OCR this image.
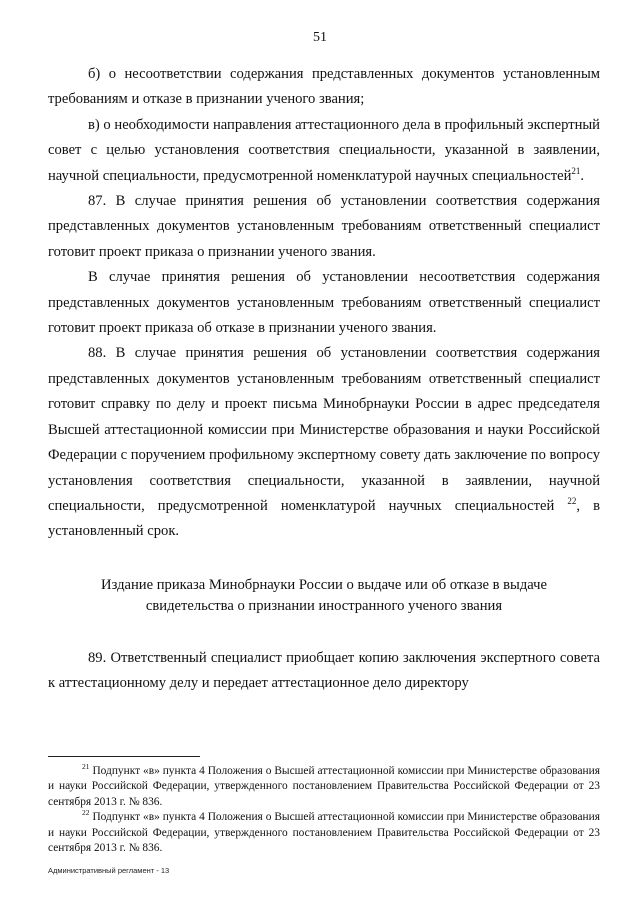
51

б) о несоответствии содержания представленных документов установленным требованиям и отказе в признании ученого звания;

в) о необходимости направления аттестационного дела в профильный экспертный совет с целью установления соответствия специальности, указанной в заявлении, научной специальности, предусмотренной номенклатурой научных специальностей$^{21}$.

87. В случае принятия решения об установлении соответствия содержания представленных документов установленным требованиям ответственный специалист готовит проект приказа о признании ученого звания.

В случае принятия решения об установлении несоответствия содержания представленных документов установленным требованиям ответственный специалист готовит проект приказа об отказе в признании ученого звания.

88. В случае принятия решения об установлении соответствия содержания представленных документов установленным требованиям ответственный специалист готовит справку по делу и проект письма Минобрнауки России в адрес председателя Высшей аттестационной комиссии при Министерстве образования и науки Российской Федерации с поручением профильному экспертному совету дать заключение по вопросу установления соответствия специальности, указанной в заявлении, научной специальности, предусмотренной номенклатурой научных специальностей $^{22}$, в установленный срок.

Издание приказа Минобрнауки России о выдаче или об отказе в выдаче
свидетельства о признании иностранного ученого звания

89. Ответственный специалист приобщает копию заключения экспертного совета к аттестационному делу и передает аттестационное дело директору

$^{21}$ Подпункт «в» пункта 4 Положения о Высшей аттестационной комиссии при Министерстве образования и науки Российской Федерации, утвержденного постановлением Правительства Российской Федерации от 23 сентября 2013 г. № 836.

$^{22}$ Подпункт «в» пункта 4 Положения о Высшей аттестационной комиссии при Министерстве образования и науки Российской Федерации, утвержденного постановлением Правительства Российской Федерации от 23 сентября 2013 г. № 836.

Административный регламент - 13
